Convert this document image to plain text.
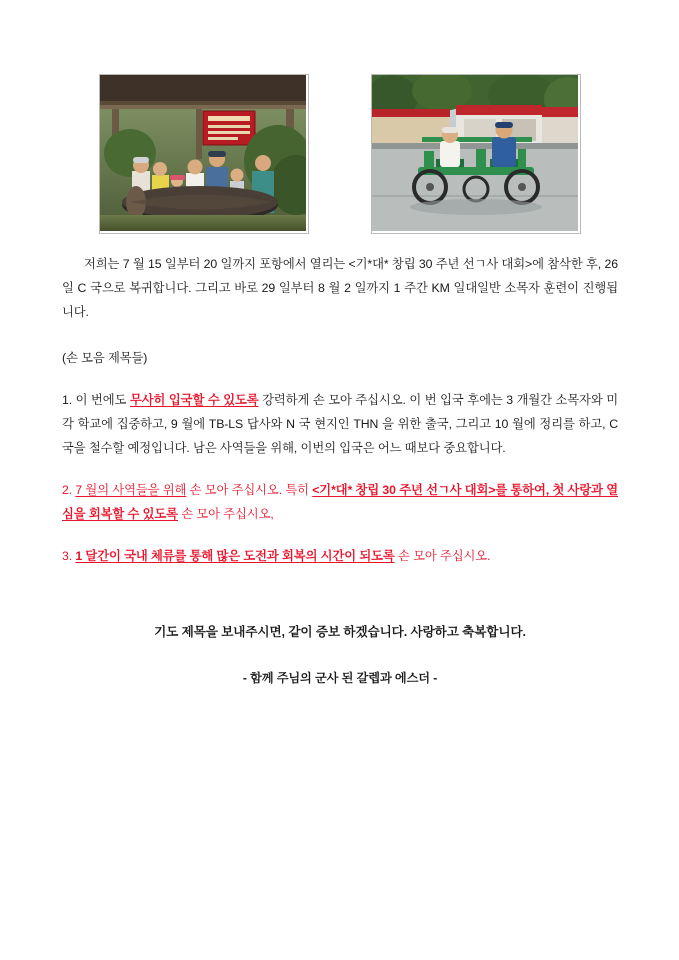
저희는 7 월 15 일부터 20 일까지 포항에서 열리는 <기*대* 창립 30 주년 선ㄱ사 대회>에 참삭한 후, 26 일 C 국으로 복귀합니다. 그리고 바로 29 일부터 8 월 2 일까지 1 주간 KM 일대일반 소목자 훈련이 진행됩니다.

(손 모음 제목들)

1. 이 번에도 무사히 입국할 수 있도록 강력하게 손 모아 주십시오. 이 번 입국 후에는 3 개월간 소목자와 미각 학교에 집중하고, 9 월에 TB-LS 답사와 N 국 현지인 THN 을 위한 출국, 그리고 10 월에 정리를 하고, C 국을 철수할 예정입니다. 남은 사역들을 위해, 이번의 입국은 어느 때보다 중요합니다.

2. 7 월의 사역들을 위해 손 모아 주십시오. 특히 <기*대* 창립 30 주년 선ㄱ사 대회>를 통하여, 첫 사랑과 열심을 회복할 수 있도록 손 모아 주십시오,

3. 1 달간이 국내 체류를 통해 많은 도전과 회복의 시간이 되도록 손 모아 주십시오.

기도 제목을 보내주시면, 같이 증보 하겠습니다. 사랑하고 축복합니다.

- 함께 주님의 군사 된 갈렙과 에스더 -
